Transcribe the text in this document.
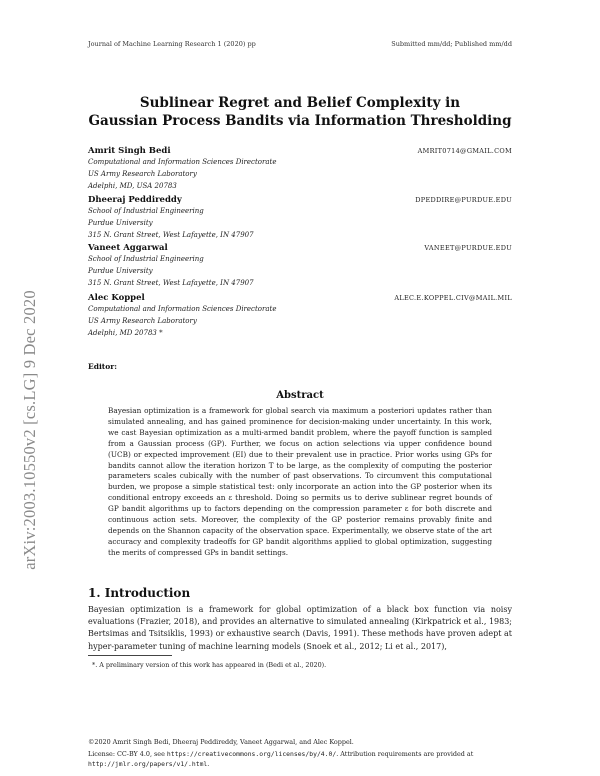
Journal of Machine Learning Research 1 (2020) pp	Submitted mm/dd; Published mm/dd
arXiv:2003.10550v2 [cs.LG] 9 Dec 2020
Sublinear Regret and Belief Complexity in
Gaussian Process Bandits via Information Thresholding
Amrit Singh Bedi	AMRIT0714@GMAIL.COM
Computational and Information Sciences Directorate
US Army Research Laboratory
Adelphi, MD, USA 20783
Dheeraj Peddireddy	DPEDDIRE@PURDUE.EDU
School of Industrial Engineering
Purdue University
315 N. Grant Street, West Lafayette, IN 47907
Vaneet Aggarwal	VANEET@PURDUE.EDU
School of Industrial Engineering
Purdue University
315 N. Grant Street, West Lafayette, IN 47907
Alec Koppel	ALEC.E.KOPPEL.CIV@MAIL.MIL
Computational and Information Sciences Directorate
US Army Research Laboratory
Adelphi, MD 20783 *
Editor:
Abstract
Bayesian optimization is a framework for global search via maximum a posteriori updates rather than simulated annealing, and has gained prominence for decision-making under uncertainty. In this work, we cast Bayesian optimization as a multi-armed bandit problem, where the payoff function is sampled from a Gaussian process (GP). Further, we focus on action selections via upper confidence bound (UCB) or expected improvement (EI) due to their prevalent use in practice. Prior works using GPs for bandits cannot allow the iteration horizon T to be large, as the complexity of computing the posterior parameters scales cubically with the number of past observations. To circumvent this computational burden, we propose a simple statistical test: only incorporate an action into the GP posterior when its conditional entropy exceeds an ε threshold. Doing so permits us to derive sublinear regret bounds of GP bandit algorithms up to factors depending on the compression parameter ε for both discrete and continuous action sets. Moreover, the complexity of the GP posterior remains provably finite and depends on the Shannon capacity of the observation space. Experimentally, we observe state of the art accuracy and complexity tradeoffs for GP bandit algorithms applied to global optimization, suggesting the merits of compressed GPs in bandit settings.
1. Introduction
Bayesian optimization is a framework for global optimization of a black box function via noisy evaluations (Frazier, 2018), and provides an alternative to simulated annealing (Kirkpatrick et al., 1983; Bertsimas and Tsitsiklis, 1993) or exhaustive search (Davis, 1991). These methods have proven adept at hyper-parameter tuning of machine learning models (Snoek et al., 2012; Li et al., 2017),
*. A preliminary version of this work has appeared in (Bedi et al., 2020).
©2020 Amrit Singh Bedi, Dheeraj Peddireddy, Vaneet Aggarwal, and Alec Koppel.
License: CC-BY 4.0, see https://creativecommons.org/licenses/by/4.0/. Attribution requirements are provided at
http://jmlr.org/papers/v1/.html.
